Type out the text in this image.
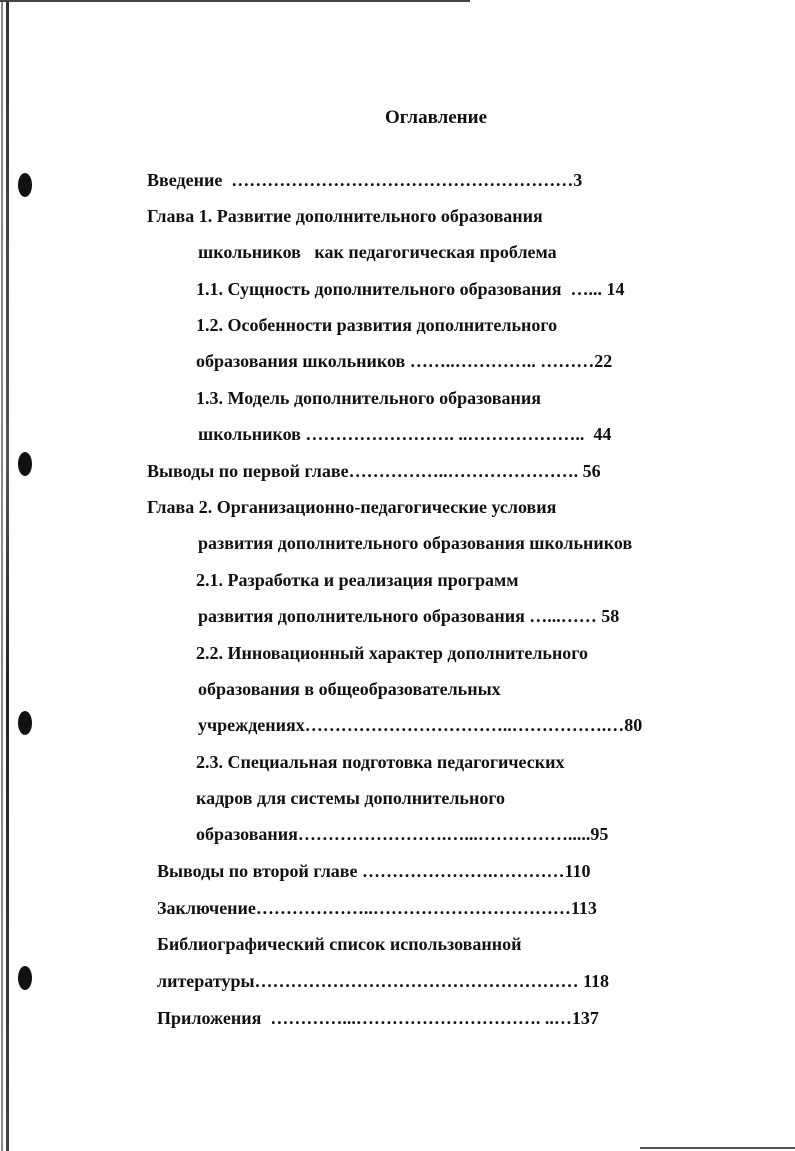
Оглавление

Введение  …………………………………………………3

Глава 1. Развитие дополнительного образования

школьников   как педагогическая проблема

1.1. Сущность дополнительного образования  …... 14

1.2. Особенности развития дополнительного

образования школьников ……..………….. ………22

1.3. Модель дополнительного образования

школьников ……………………. ..………………..  44

Выводы по первой главе……………..…………………. 56

Глава 2. Организационно-педагогические условия

развития дополнительного образования школьников

2.1. Разработка и реализация программ

развития дополнительного образования …...…… 58

2.2. Инновационный характер дополнительного

образования в общеобразовательных

учреждениях……………………………..…………….…80

2.3. Специальная подготовка педагогических

кадров для системы дополнительного

образования…………………….…...…………….....95

Выводы по второй главе ………………….…………110

Заключение………………..……………………………113

Библиографический список использованной

литературы……………………………………………… 118

Приложения  …………...…………………………. ..…137
